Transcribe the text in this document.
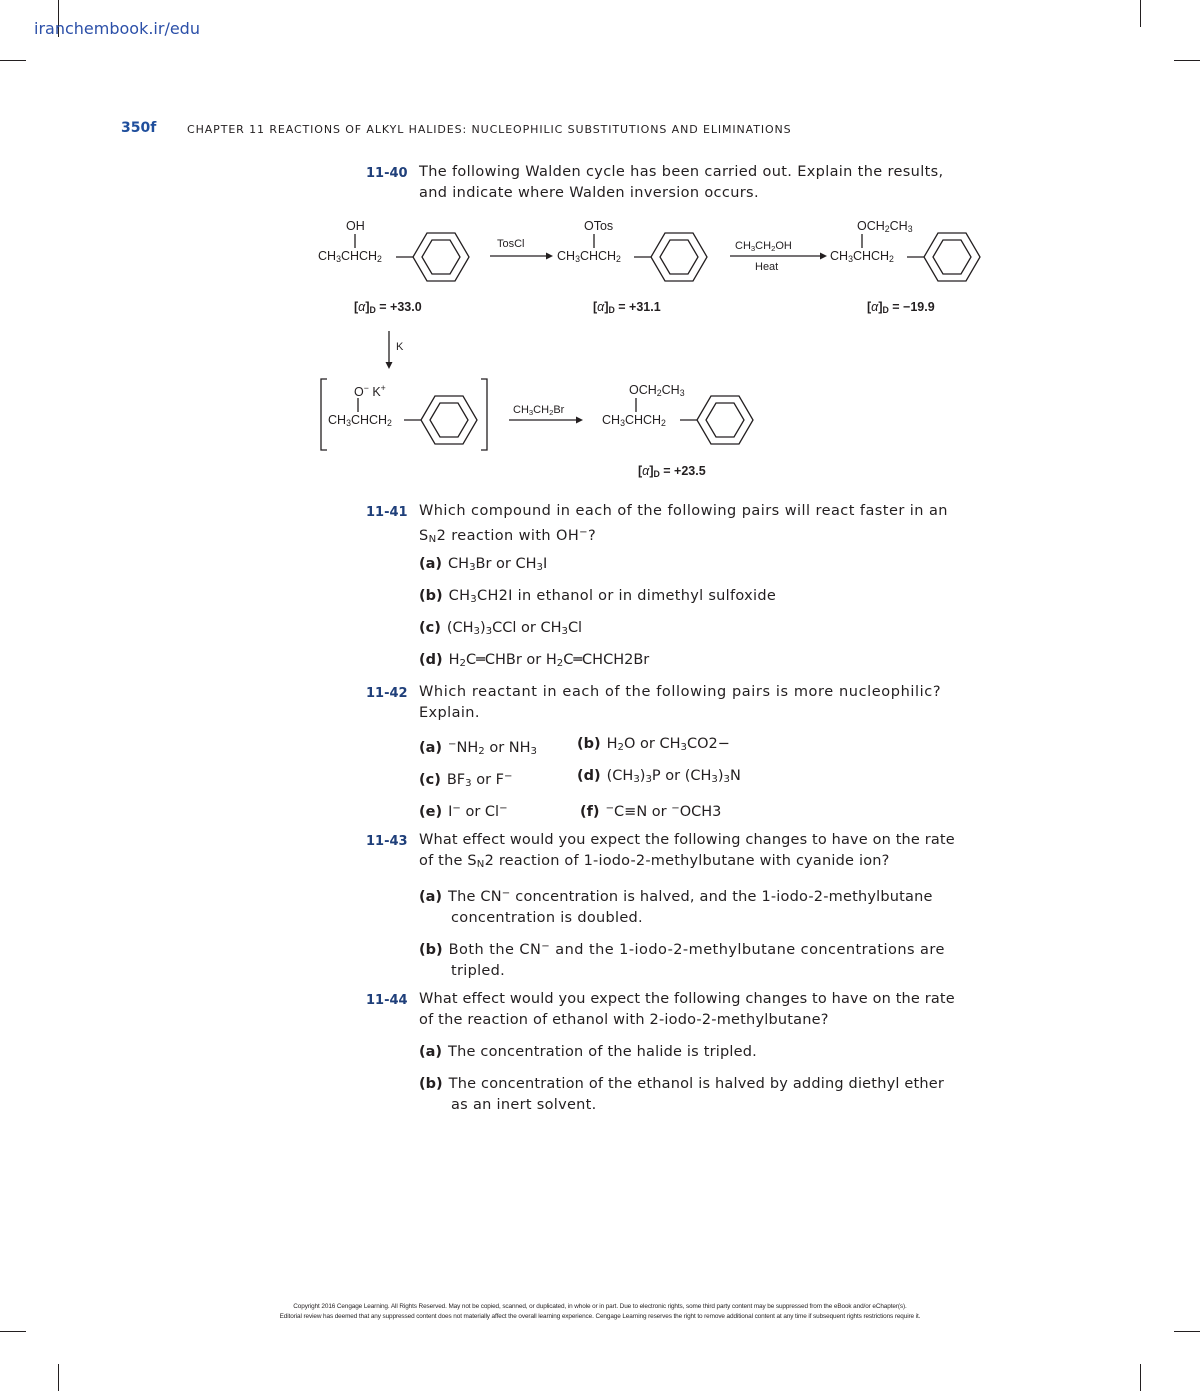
iranchembook.ir/edu
350f	CHAPTER 11 REACTIONS OF ALKYL HALIDES: NUCLEOPHILIC SUBSTITUTIONS AND ELIMINATIONS
11-40 The following Walden cycle has been carried out. Explain the results,
and indicate where Walden inversion occurs.
OH
$CH_3CHCH_2$
OTos
$CH_3CHCH_2$
$OCH_2CH_3$
$CH_3CHCH_2$
TosCl	$CH_3CH_2OH$
Heat
K
$CH_3CH_2Br$
$[\alpha]_D = +33.0$	$[\alpha]_D = +31.1$	$[\alpha]_D = -19.9$
$[\alpha]_D = +23.5$
O− K+
$CH_3CHCH_2$
$OCH_2CH_3$
$CH_3CHCH_2$
11-41 Which compound in each of the following pairs will react faster in an
$S_N2$ reaction with OH−?
(a) $CH_3Br$ or $CH_3I$
(b) $CH_3CH2I$ in ethanol or in dimethyl sulfoxide
(c) $(CH_3)_3CCl$ or $CH_3Cl$
(d) $H_2C═CHBr$ or $H_2C═CHCH2Br$
11-42 Which reactant in each of the following pairs is more nucleophilic?
Explain.
(a) $^-NH_2$ or $NH_3$	(b) $H_2O$ or $CH_3CO2-$
(c) $BF_3$ or F−	(d) $(CH_3)_3P$ or $(CH_3)_3N$
(e) I− or Cl−	(f) −C≡N or −OCH3
11-43 What effect would you expect the following changes to have on the rate
of the $S_N2$ reaction of 1-iodo-2-methylbutane with cyanide ion?
(a) The CN− concentration is halved, and the 1-iodo-2-methylbutane
concentration is doubled.
(b) Both the CN− and the 1-iodo-2-methylbutane concentrations are
tripled.
11-44 What effect would you expect the following changes to have on the rate
of the reaction of ethanol with 2-iodo-2-methylbutane?
(a) The concentration of the halide is tripled.
(b) The concentration of the ethanol is halved by adding diethyl ether
as an inert solvent.
Copyright 2016 Cengage Learning. All Rights Reserved. May not be copied, scanned, or duplicated, in whole or in part. Due to electronic rights, some third party content may be suppressed from the eBook and/or eChapter(s).
Editorial review has deemed that any suppressed content does not materially affect the overall learning experience. Cengage Learning reserves the right to remove additional content at any time if subsequent rights restrictions require it.
